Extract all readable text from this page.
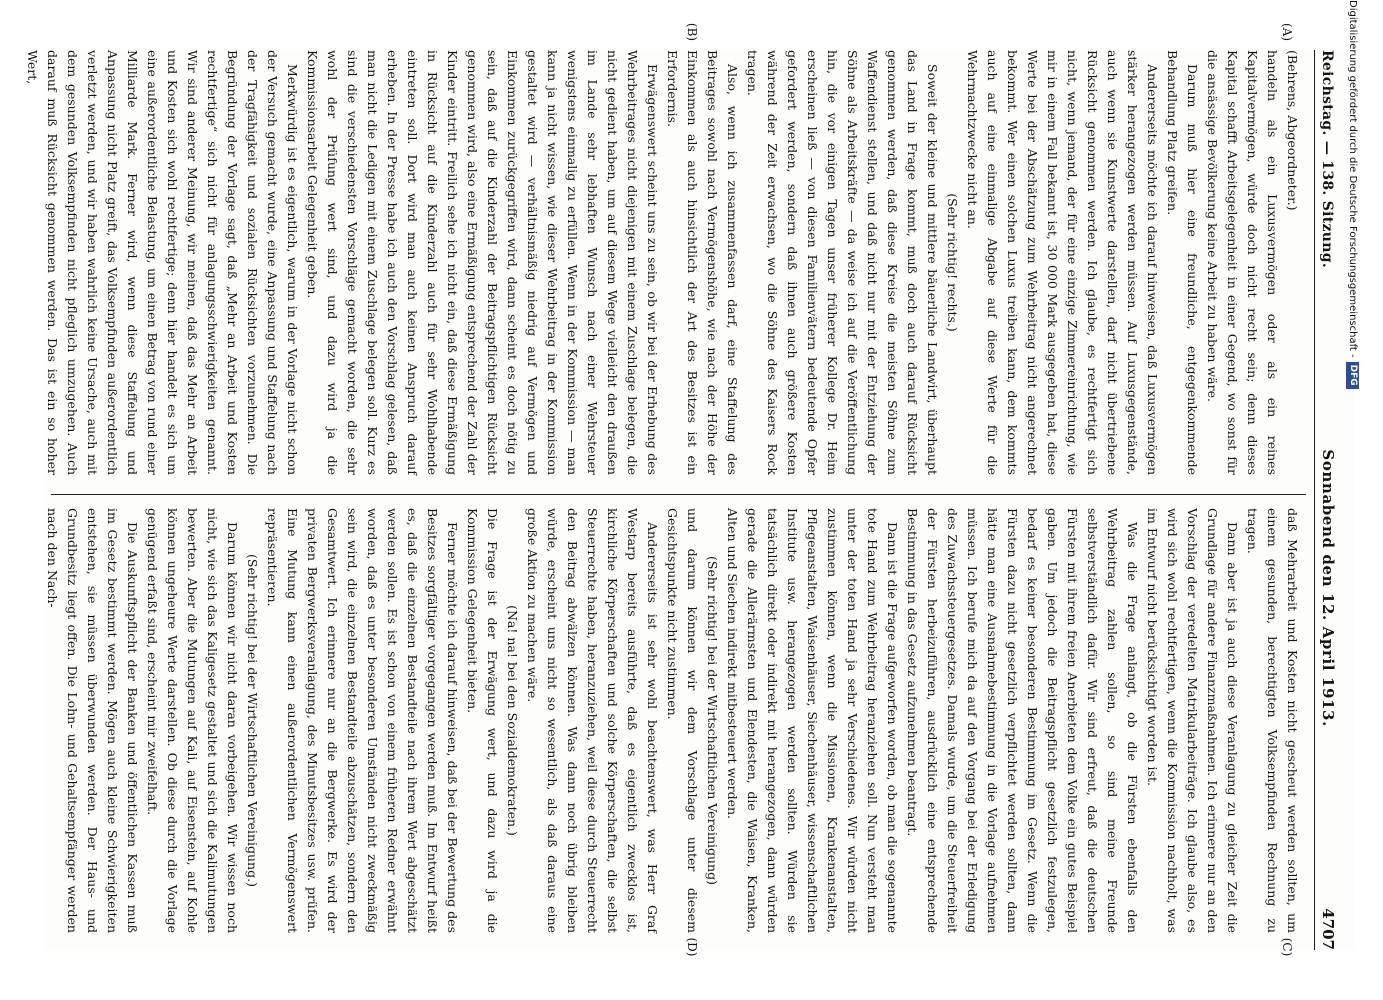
Reichstag. — 138. Sitzung.
Sonnabend den 12. April 1913.
4707
(A)
(B)
(C)
(D)

(Behrens, Abgeordneter.)

handeln als ein Luxusvermögen oder als ein reines Kapitalvermögen, würde doch nicht recht sein; denn dieses Kapital schafft Arbeitsgelegenheit in einer Gegend, wo sonst für die ansässige Bevölkerung keine Arbeit zu haben wäre.

Darum muß hier eine freundliche, entgegenkommende Behandlung Platz greifen.

Andererseits möchte ich darauf hinweisen, daß Luxusvermögen stärker herangezogen werden müssen. Auf Luxusgegenstände, auch wenn sie Kunstwerte darstellen, darf nicht übertriebene Rücksicht genommen werden. Ich glaube, es rechtfertigt sich nicht, wenn jemand, der für eine einzige Zimmereinrichtung, wie mir in einem Fall bekannt ist, 30 000 Mark ausgegeben hat, diese Werte bei der Abschätzung zum Wehrbeitrag nicht angerechnet bekommt. Wer einen solchen Luxus treiben kann, dem kommts auch auf eine einmalige Abgabe auf diese Werte für die Wehrmachtzwecke nicht an.

(Sehr richtig! rechts.)

Soweit der kleine und mittlere bäuerliche Landwirt, überhaupt das Land in Frage kommt, muß doch auch darauf Rücksicht genommen werden, daß diese Kreise die meisten Söhne zum Waffendienst stellen, und daß nicht nur mit der Entziehung der Söhne als Arbeitskräfte — da weise ich auf die Veröffentlichung hin, die vor einigen Tagen unser früherer Kollege Dr. Heim erscheinen ließ — von diesen Familienvätern bedeutende Opfer gefordert werden, sondern daß ihnen auch größere Kosten während der Zeit erwachsen, wo die Söhne des Kaisers Rock tragen.

Also, wenn ich zusammenfassen darf, eine Staffelung des Beitrages sowohl nach Vermögenshöhe, wie nach der Höhe der Einkommen als auch hinsichtlich der Art des Besitzes ist ein Erfordernis.

Erwägenswert scheint uns zu sein, ob wir bei der Erhebung des Wehrbeitrages nicht diejenigen mit einem Zuschlage belegen, die nicht gedient haben, um auf diesem Wege vielleicht den draußen im Lande sehr lebhaften Wunsch nach einer Wehrsteuer wenigstens einmalig zu erfüllen. Wenn in der Kommission — man kann ja nicht wissen, wie dieser Wehrbeitrag in der Kommission gestaltet wird — verhältnismäßig niedrig auf Vermögen und Einkommen zurückgegriffen wird, dann scheint es doch nötig zu sein, daß auf die Kinderzahl der Beitragspflichtigen Rücksicht genommen wird, also eine Ermäßigung entsprechend der Zahl der Kinder eintritt. Freilich sehe ich nicht ein, daß diese Ermäßigung in Rücksicht auf die Kinderzahl auch für sehr Wohlhabende eintreten soll. Dort wird man auch keinen Anspruch darauf erheben. In der Presse habe ich auch den Vorschlag gelesen, daß man nicht die Ledigen mit einem Zuschlage belegen soll. Kurz es sind die verschiedensten Vorschläge gemacht worden, die sehr wohl der Prüfung wert sind, und dazu wird ja die Kommissionsarbeit Gelegenheit geben.

Merkwürdig ist es eigentlich, warum in der Vorlage nicht schon der Versuch gemacht wurde, eine Anpassung und Staffelung nach der Tragfähigkeit und sozialen Rücksichten vorzunehmen. Die Begründung der Vorlage sagt, daß „Mehr an Arbeit und Kosten rechtfertige“ sich nicht für anlagungsschwierigkeiten genannt. Wir sind anderer Meinung, wir meinen, daß das Mehr an Arbeit und Kosten sich wohl rechtfertige; denn hier handelt es sich um eine außerordentliche Belastung, um einen Betrag von rund einer Milliarde Mark. Ferner wird, wenn diese Staffelung und Anpassung nicht Platz greift, das Volksempfinden außerordentlich verletzt werden, und wir haben wahrlich keine Ursache, auch mit dem gesunden Volksempfinden nicht pfleglich umzugehen. Auch darauf muß Rücksicht genommen werden. Das ist ein so hoher Wert,

daß Mehrarbeit und Kosten nicht gescheut werden sollten, um einem gesunden, berechtigten Volksempfinden Rechnung zu tragen.

Dann aber ist ja auch diese Veranlagung zu gleicher Zeit die Grundlage für andere Finanzmaßnahmen. Ich erinnere nur an den Vorschlag der veredelten Matrikularbeiträge. Ich glaube also, es wird sich wohl rechtfertigen, wenn die Kommission nachholt, was im Entwurf nicht berücksichtigt worden ist.

Was die Frage anlangt, ob die Fürsten ebenfalls den Wehrbeitrag zahlen sollen, so sind meine Freunde selbstverständlich dafür. Wir sind erfreut, daß die deutschen Fürsten mit ihrem freien Anerbieten dem Volke ein gutes Beispiel gaben. Um jedoch die Beitragspflicht gesetzlich festzulegen, bedarf es keiner besonderen Bestimmung im Gesetz. Wenn die Fürsten dazu nicht gesetzlich verpflichtet werden sollten, dann hätte man eine Ausnahmebestimmung in die Vorlage aufnehmen müssen. Ich berufe mich da auf den Vorgang bei der Erledigung des Zuwachssteuergesetzes. Damals wurde, um die Steuerfreiheit der Fürsten herbeizuführen, ausdrücklich eine entsprechende Bestimmung in das Gesetz aufzunehmen beantragt.

Dann ist die Frage aufgeworfen worden, ob man die sogenannte tote Hand zum Wehrbeitrag heranziehen soll. Nun versteht man unter der toten Hand ja sehr Verschiedenes. Wir würden nicht zustimmen können, wenn die Missionen, Krankenanstalten, Pflegeanstalten, Waisenhäuser, Siechenhäuser, wissenschaftlichen Institute usw. herangezogen werden sollten. Würden sie tatsächlich direkt oder indirekt mit herangezogen, dann würden gerade die Allerärmsten und Elendesten, die Waisen, Kranken, Alten und Siechen indirekt mitbesteuert werden.

(Sehr richtig! bei der Wirtschaftlichen Vereinigung)

und darum können wir dem Vorschlage unter diesem Gesichtspunkte nicht zustimmen.

Andererseits ist sehr wohl beachtenswert, was Herr Graf Westarp bereits ausführte, daß es eigentlich zwecklos ist, kirchliche Körperschaften und solche Körperschaften, die selbst Steuerrechte haben, heranzuziehen, weil diese durch Steuerrecht den Beitrag abwälzen können. Was dann noch übrig bleiben würde, erscheint uns nicht so wesentlich, als daß daraus eine große Aktion zu machen wäre.

(Na! na! bei den Sozialdemokraten.)

Die Frage ist der Erwägung wert, und dazu wird ja die Kommission Gelegenheit bieten.

Ferner möchte ich darauf hinweisen, daß bei der Bewertung des Besitzes sorgfältiger vorgegangen werden muß. Im Entwurf heißt es, daß die einzelnen Bestandteile nach ihrem Wert abgeschätzt werden sollen. Es ist schon von einem früheren Redner erwähnt worden, daß es unter besonderen Umständen nicht zweckmäßig sein wird, die einzelnen Bestandteile abzuschätzen, sondern den Gesamtwert. Ich erinnere nur an die Bergwerke. Es wird der privaten Bergwerksveranlagung, des Minutsbesitzes usw. prüfen. Eine Mutung kann einen außerordentlichen Vermögenswert repräsentieren.

(Sehr richtig! bei der Wirtschaftlichen Vereinigung.)

Darum können wir nicht daran vorbeigehen. Wir wissen noch nicht, wie sich das Kaligesetz gestaltet und sich die Kalimutungen bewerten. Aber die Mutungen auf Kali, auf Eisenstein, auf Kohle können ungeheure Werte darstellen. Ob diese durch die Vorlage genügend erfaßt sind, erscheint mir zweifelhaft.

Die Auskunftspflicht der Banken und öffentlichen Kassen muß im Gesetz bestimmt werden. Mögen auch kleine Schwierigkeiten entstehen, sie müssen überwunden werden. Der Haus- und Grundbesitz liegt offen. Die Lohn- und Gehaltsempfänger werden nach den Nach-

Digitalisierung gefördert durch die Deutsche Forschungsgemeinschaft -
DFG
